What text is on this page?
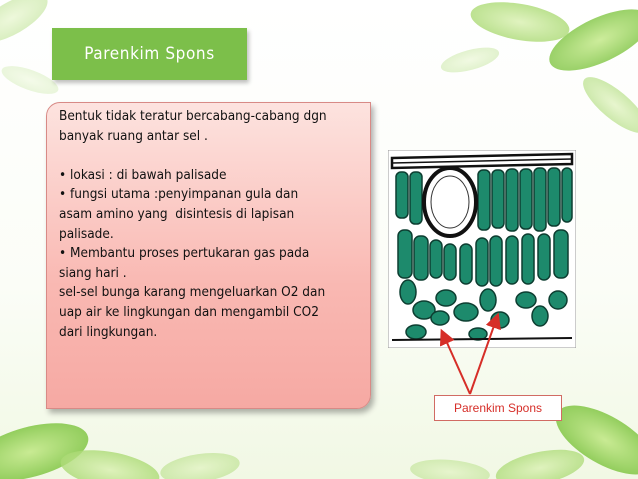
Parenkim Spons
Bentuk tidak teratur bercabang-cabang dgn
banyak ruang antar sel .
• lokasi : di bawah palisade
• fungsi utama :penyimpanan gula dan
asam amino yang  disintesis di lapisan
palisade.
• Membantu proses pertukaran gas pada
siang hari .
sel-sel bunga karang mengeluarkan O2 dan
uap air ke lingkungan dan mengambil CO2
dari lingkungan.
Parenkim Spons
